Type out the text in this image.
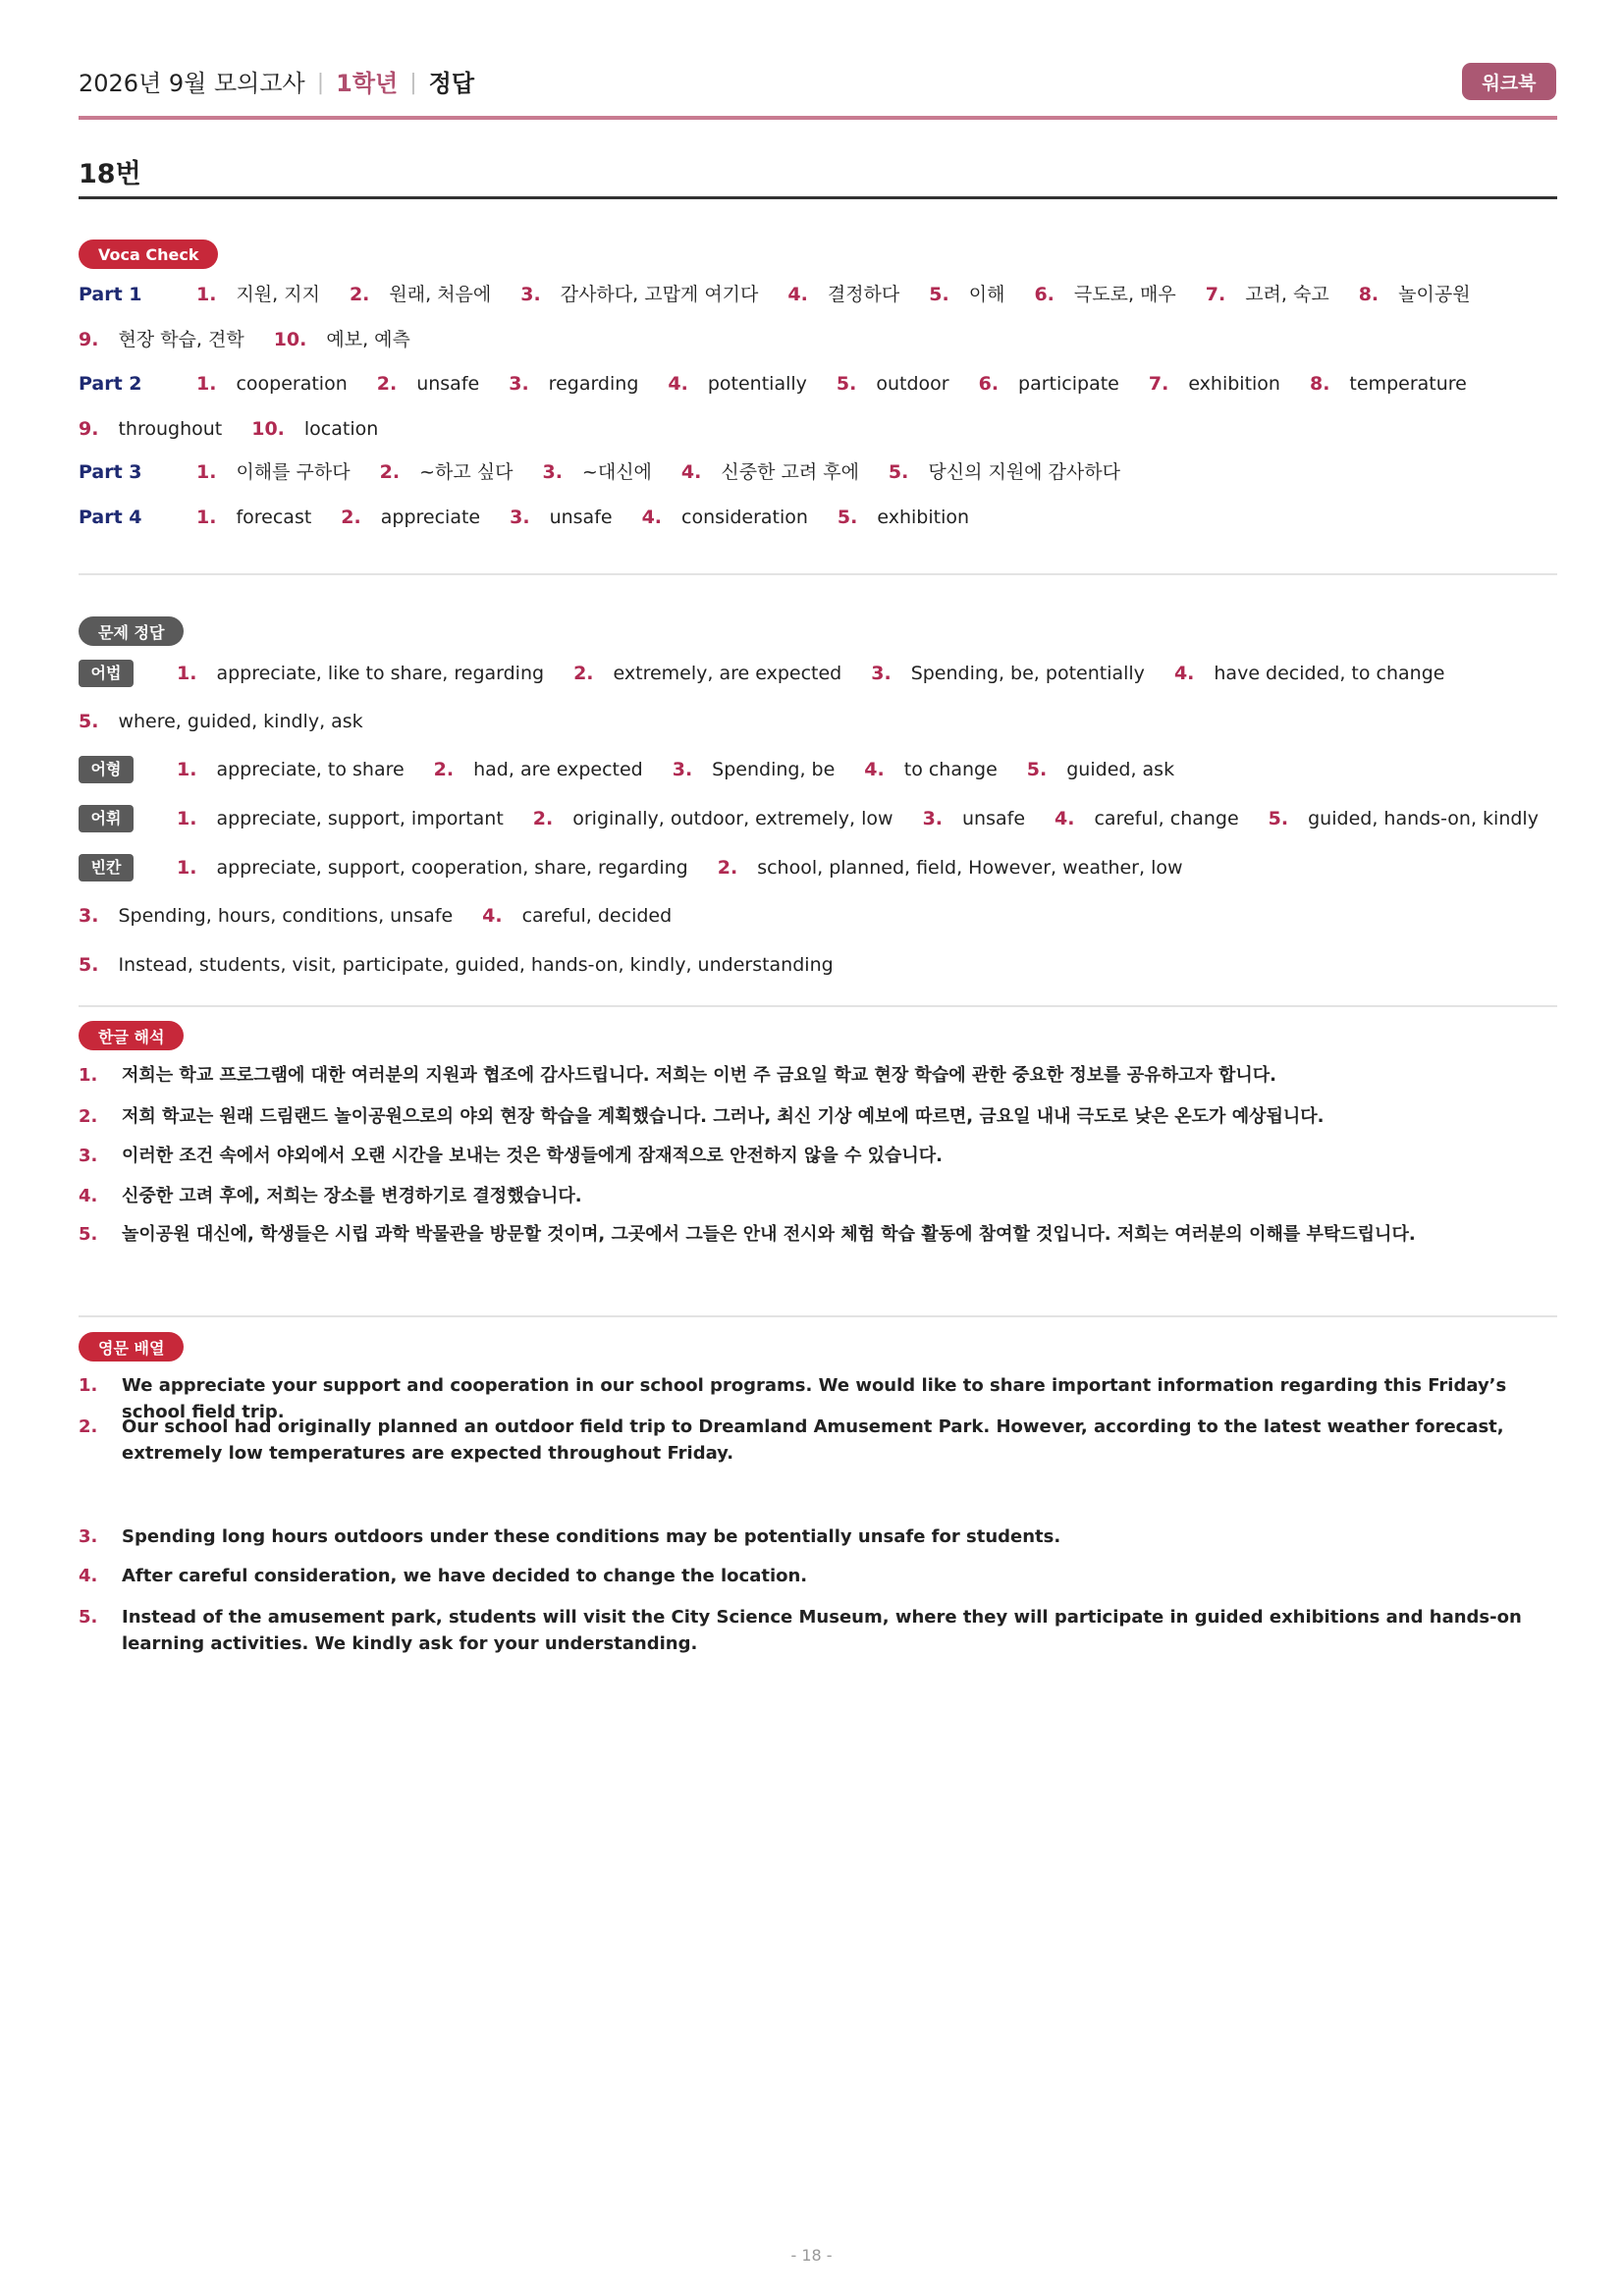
2026년 9월 모의고사 | 1학년 | 정답	워크북
18번
Voca Check
Part 1	1. 지원, 지지 2. 원래, 처음에 3. 감사하다, 고맙게 여기다 4. 결정하다 5. 이해 6. 극도로, 매우 7. 고려, 숙고 8. 놀이공원
9. 현장 학습, 견학 10. 예보, 예측
Part 2	1. cooperation 2. unsafe 3. regarding 4. potentially 5. outdoor 6. participate 7. exhibition 8. temperature
9. throughout 10. location
Part 3	1. 이해를 구하다 2. ~하고 싶다 3. ~대신에 4. 신중한 고려 후에 5. 당신의 지원에 감사하다
Part 4	1. forecast 2. appreciate 3. unsafe 4. consideration 5. exhibition
문제 정답
어법	1. appreciate, like to share, regarding 2. extremely, are expected 3. Spending, be, potentially 4. have decided, to change
5. where, guided, kindly, ask
어형	1. appreciate, to share 2. had, are expected 3. Spending, be 4. to change 5. guided, ask
어휘	1. appreciate, support, important 2. originally, outdoor, extremely, low 3. unsafe 4. careful, change 5. guided, hands-on, kindly
빈칸	1. appreciate, support, cooperation, share, regarding 2. school, planned, field, However, weather, low
3. Spending, hours, conditions, unsafe 4. careful, decided
5. Instead, students, visit, participate, guided, hands-on, kindly, understanding
한글 해석
1.	저희는 학교 프로그램에 대한 여러분의 지원과 협조에 감사드립니다. 저희는 이번 주 금요일 학교 현장 학습에 관한 중요한 정보를 공유하고자 합니다.
2.	저희 학교는 원래 드림랜드 놀이공원으로의 야외 현장 학습을 계획했습니다. 그러나, 최신 기상 예보에 따르면, 금요일 내내 극도로 낮은 온도가 예상됩니다.
3.	이러한 조건 속에서 야외에서 오랜 시간을 보내는 것은 학생들에게 잠재적으로 안전하지 않을 수 있습니다.
4.	신중한 고려 후에, 저희는 장소를 변경하기로 결정했습니다.
5.	놀이공원 대신에, 학생들은 시립 과학 박물관을 방문할 것이며, 그곳에서 그들은 안내 전시와 체험 학습 활동에 참여할 것입니다. 저희는 여러분의 이해를 부탁드립니다.
영문 배열
1.	We appreciate your support and cooperation in our school programs. We would like to share important information regarding this Friday’s school field trip.
2.	Our school had originally planned an outdoor field trip to Dreamland Amusement Park. However, according to the latest weather forecast, extremely low temperatures are expected throughout Friday.
3.	Spending long hours outdoors under these conditions may be potentially unsafe for students.
4.	After careful consideration, we have decided to change the location.
5.	Instead of the amusement park, students will visit the City Science Museum, where they will participate in guided exhibitions and hands-on learning activities. We kindly ask for your understanding.
- 18 -
